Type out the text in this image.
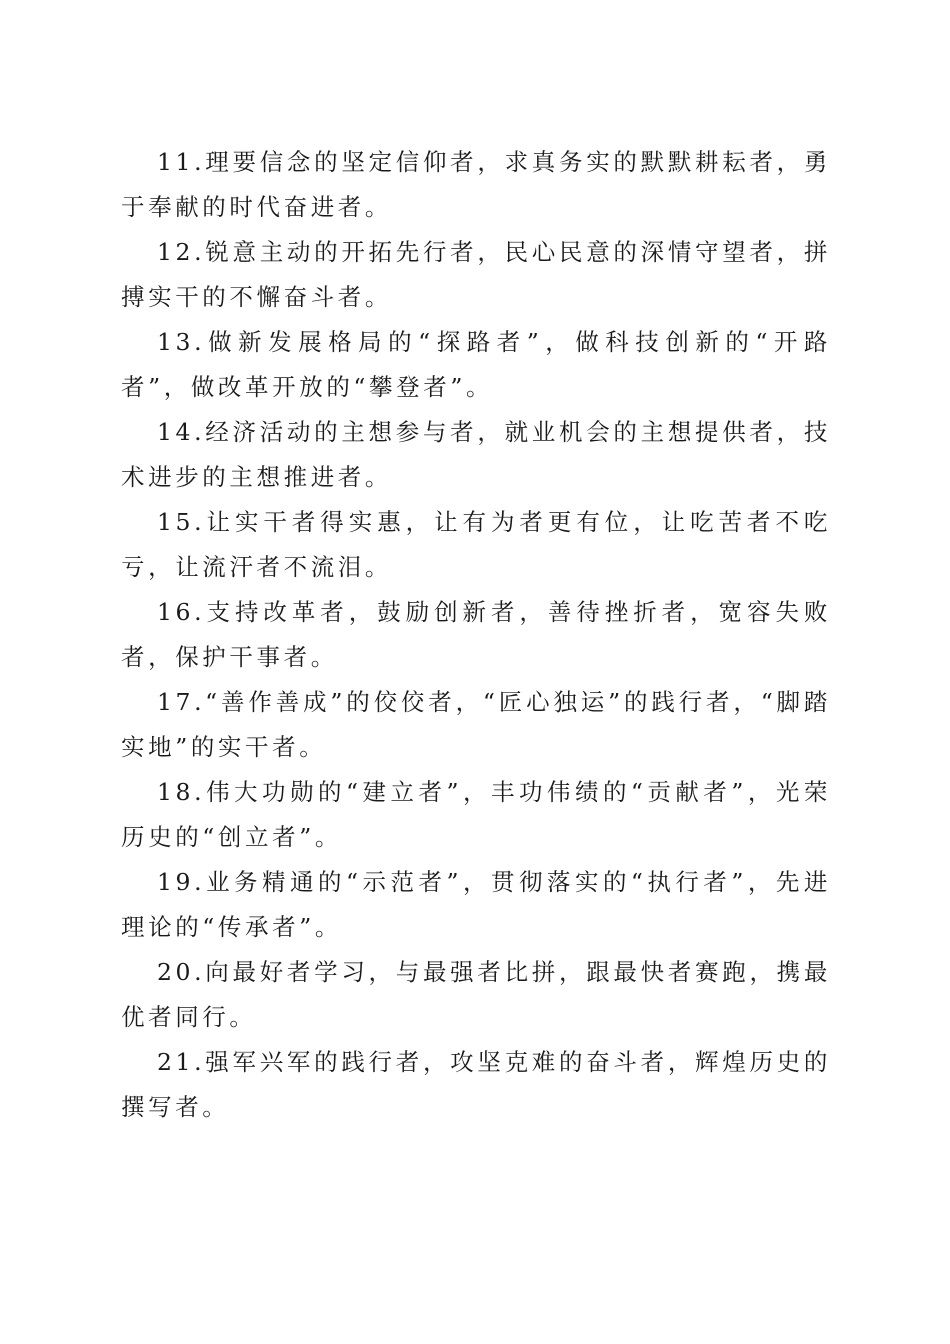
11.理要信念的坚定信仰者，求真务实的默默耕耘者，勇于奉献的时代奋进者。

12.锐意主动的开拓先行者，民心民意的深情守望者，拼搏实干的不懈奋斗者。

13.做新发展格局的“探路者”，做科技创新的“开路者”，做改革开放的“攀登者”。

14.经济活动的主想参与者，就业机会的主想提供者，技术进步的主想推进者。

15.让实干者得实惠，让有为者更有位，让吃苦者不吃亏，让流汗者不流泪。

16.支持改革者，鼓励创新者，善待挫折者，宽容失败者，保护干事者。

17.“善作善成”的佼佼者，“匠心独运”的践行者，“脚踏实地”的实干者。

18.伟大功勋的“建立者”，丰功伟绩的“贡献者”，光荣历史的“创立者”。

19.业务精通的“示范者”，贯彻落实的“执行者”，先进理论的“传承者”。

20.向最好者学习，与最强者比拼，跟最快者赛跑，携最优者同行。

21.强军兴军的践行者，攻坚克难的奋斗者，辉煌历史的撰写者。
